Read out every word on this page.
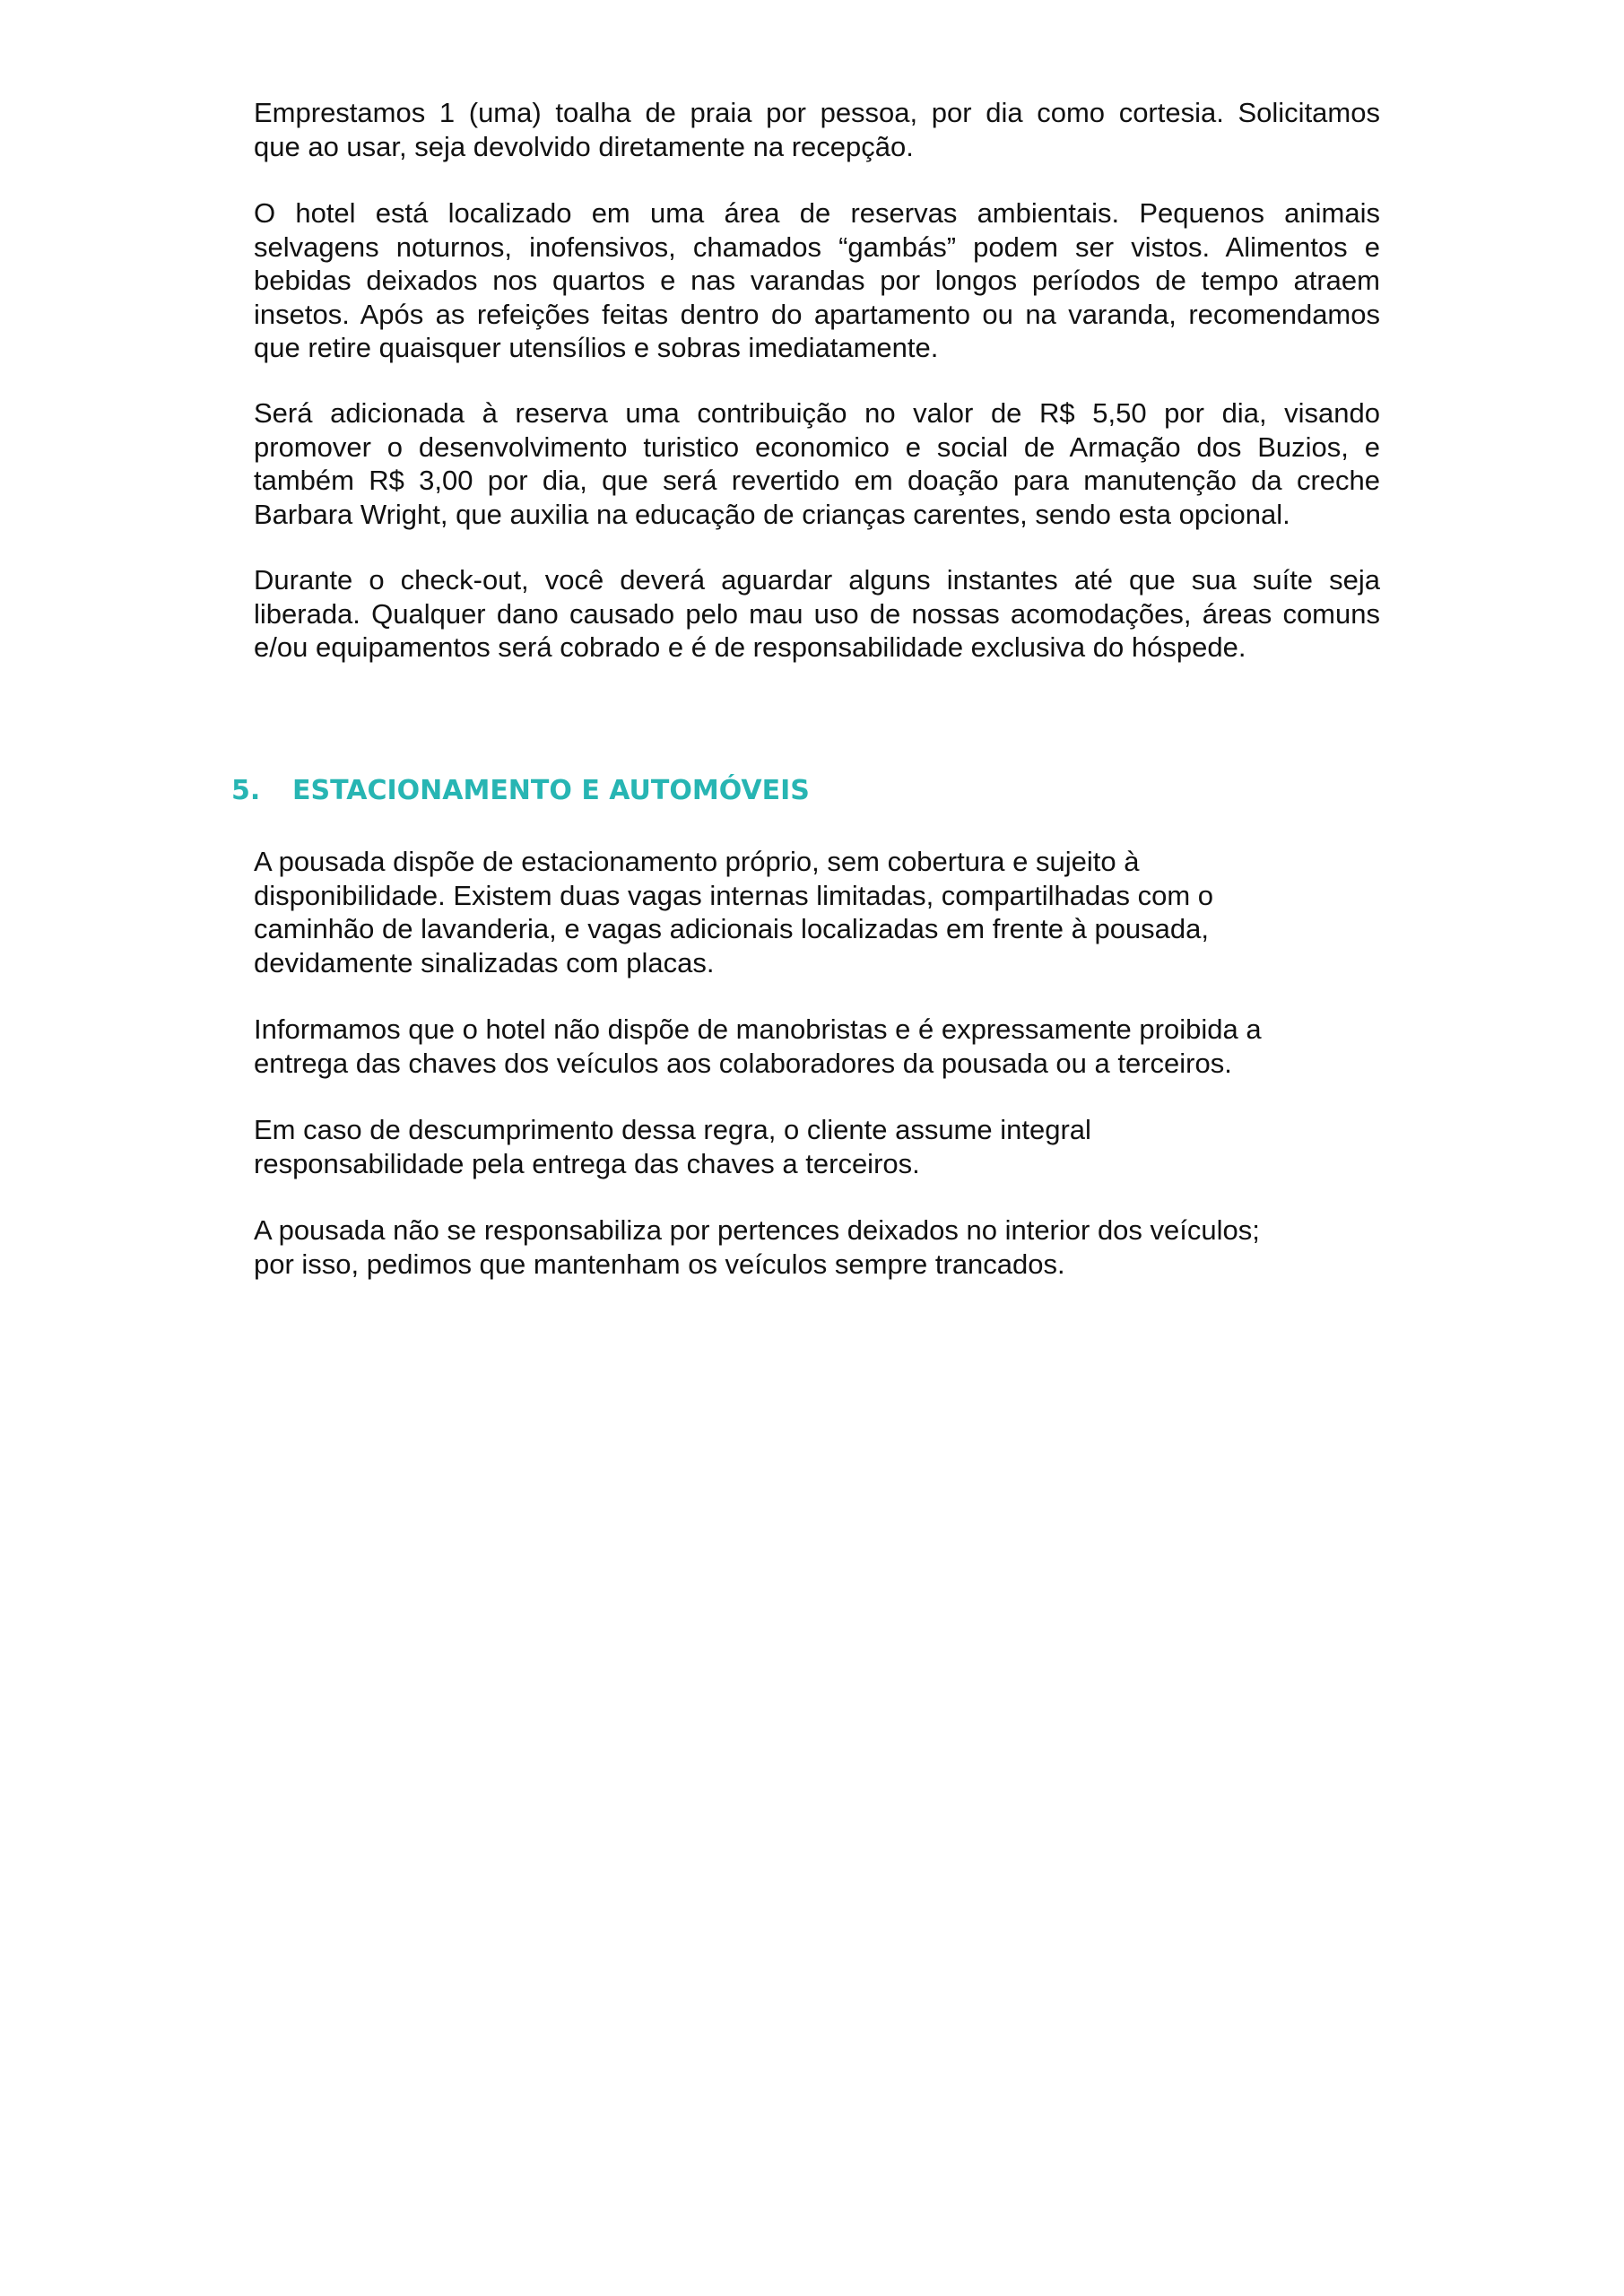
Emprestamos 1 (uma) toalha de praia por pessoa, por dia como cortesia. Solicitamos
que ao usar, seja devolvido diretamente na recepção.
O hotel está localizado em uma área de reservas ambientais. Pequenos animais
selvagens noturnos, inofensivos, chamados “gambás” podem ser vistos. Alimentos e
bebidas deixados nos quartos e nas varandas por longos períodos de tempo atraem
insetos. Após as refeições feitas dentro do apartamento ou na varanda, recomendamos
que retire quaisquer utensílios e sobras imediatamente.
Será adicionada à reserva uma contribuição no valor de R$ 5,50 por dia, visando
promover o desenvolvimento turistico economico e social de Armação dos Buzios, e
também R$ 3,00 por dia, que será revertido em doação para manutenção da creche
Barbara Wright, que auxilia na educação de crianças carentes, sendo esta opcional.
Durante o check-out, você deverá aguardar alguns instantes até que sua suíte seja
liberada. Qualquer dano causado pelo mau uso de nossas acomodações, áreas comuns
e/ou equipamentos será cobrado e é de responsabilidade exclusiva do hóspede.
5. ESTACIONAMENTO E AUTOMÓVEIS
A pousada dispõe de estacionamento próprio, sem cobertura e sujeito à
disponibilidade. Existem duas vagas internas limitadas, compartilhadas com o
caminhão de lavanderia, e vagas adicionais localizadas em frente à pousada,
devidamente sinalizadas com placas.
Informamos que o hotel não dispõe de manobristas e é expressamente proibida a
entrega das chaves dos veículos aos colaboradores da pousada ou a terceiros.
Em caso de descumprimento dessa regra, o cliente assume integral
responsabilidade pela entrega das chaves a terceiros.
A pousada não se responsabiliza por pertences deixados no interior dos veículos;
por isso, pedimos que mantenham os veículos sempre trancados.
